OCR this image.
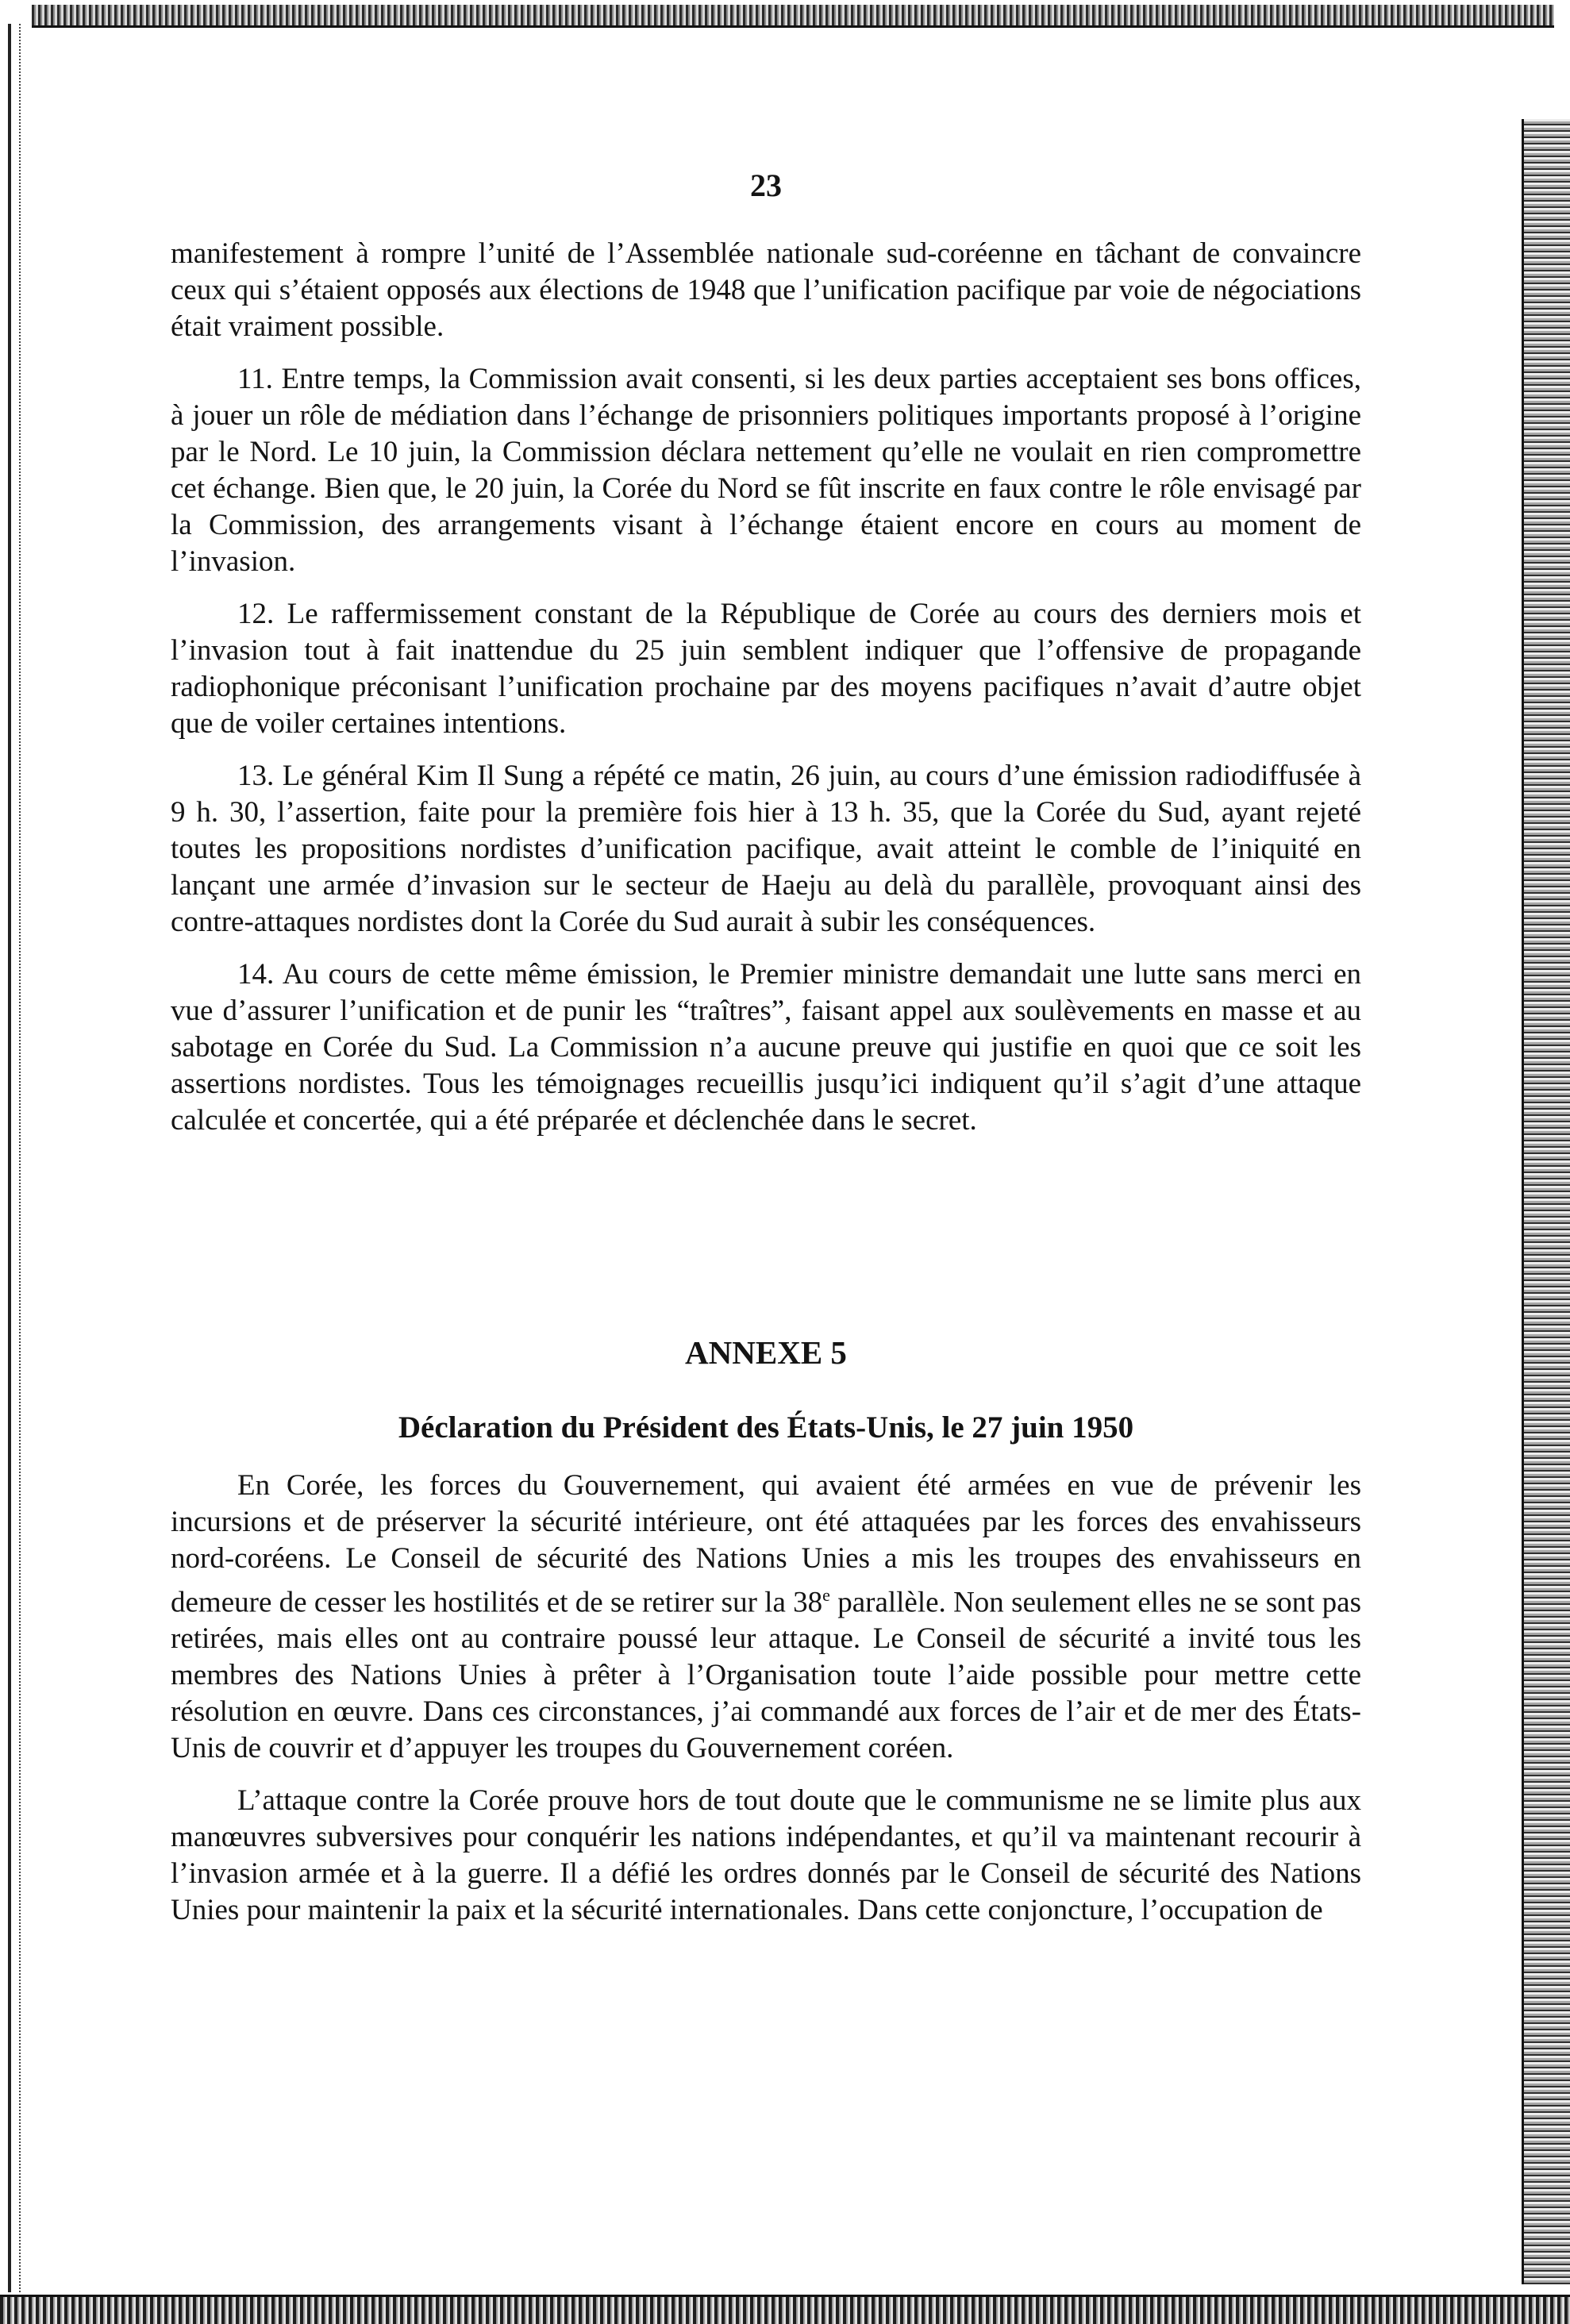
23

manifestement à rompre l’unité de l’Assemblée nationale sud-coréenne en tâchant de convaincre ceux qui s’étaient opposés aux élections de 1948 que l’unification pacifique par voie de négociations était vraiment possible.

11. Entre temps, la Commission avait consenti, si les deux parties acceptaient ses bons offices, à jouer un rôle de médiation dans l’échange de prisonniers politiques importants proposé à l’origine par le Nord. Le 10 juin, la Commission déclara nettement qu’elle ne voulait en rien compromettre cet échange. Bien que, le 20 juin, la Corée du Nord se fût inscrite en faux contre le rôle envisagé par la Commission, des arrangements visant à l’échange étaient encore en cours au moment de l’invasion.

12. Le raffermissement constant de la République de Corée au cours des derniers mois et l’invasion tout à fait inattendue du 25 juin semblent indiquer que l’offensive de propagande radiophonique préconisant l’unification prochaine par des moyens pacifiques n’avait d’autre objet que de voiler certaines intentions.

13. Le général Kim Il Sung a répété ce matin, 26 juin, au cours d’une émission radiodiffusée à 9 h. 30, l’assertion, faite pour la première fois hier à 13 h. 35, que la Corée du Sud, ayant rejeté toutes les propositions nordistes d’unification pacifique, avait atteint le comble de l’iniquité en lançant une armée d’invasion sur le secteur de Haeju au delà du parallèle, provoquant ainsi des contre-attaques nordistes dont la Corée du Sud aurait à subir les conséquences.

14. Au cours de cette même émission, le Premier ministre demandait une lutte sans merci en vue d’assurer l’unification et de punir les “traîtres”, faisant appel aux soulèvements en masse et au sabotage en Corée du Sud. La Commission n’a aucune preuve qui justifie en quoi que ce soit les assertions nordistes. Tous les témoignages recueillis jusqu’ici indiquent qu’il s’agit d’une attaque calculée et concertée, qui a été préparée et déclenchée dans le secret.

ANNEXE 5
Déclaration du Président des États-Unis, le 27 juin 1950

En Corée, les forces du Gouvernement, qui avaient été armées en vue de prévenir les incursions et de préserver la sécurité intérieure, ont été attaquées par les forces des envahisseurs nord-coréens. Le Conseil de sécurité des Nations Unies a mis les troupes des envahisseurs en demeure de cesser les hostilités et de se retirer sur la 38e parallèle. Non seulement elles ne se sont pas retirées, mais elles ont au contraire poussé leur attaque. Le Conseil de sécurité a invité tous les membres des Nations Unies à prêter à l’Organisation toute l’aide possible pour mettre cette résolution en œuvre. Dans ces circonstances, j’ai commandé aux forces de l’air et de mer des États-Unis de couvrir et d’appuyer les troupes du Gouvernement coréen.

L’attaque contre la Corée prouve hors de tout doute que le communisme ne se limite plus aux manœuvres subversives pour conquérir les nations indépendantes, et qu’il va maintenant recourir à l’invasion armée et à la guerre. Il a défié les ordres donnés par le Conseil de sécurité des Nations Unies pour maintenir la paix et la sécurité internationales. Dans cette conjoncture, l’occupation de
